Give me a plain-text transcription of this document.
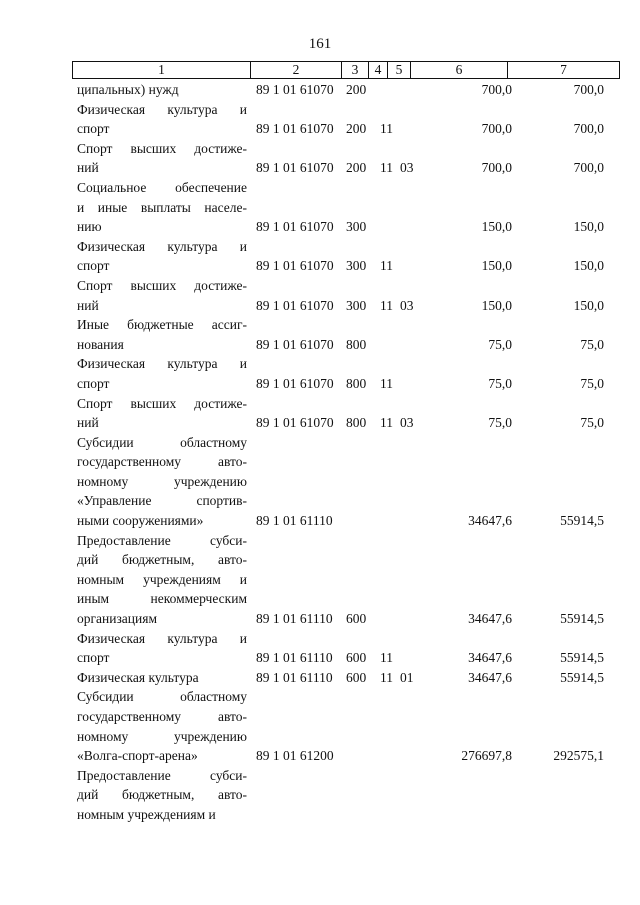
161
1	2	3	4	5	6	7
ципальных) нужд	89 1 01 61070 200	700,0	700,0
Физическая культура и
спорт	89 1 01 61070 200 11	700,0	700,0
Спорт высших достиже-
ний	89 1 01 61070 200 11 03	700,0	700,0
Социальное обеспечение
и иные выплаты населе-
нию	89 1 01 61070 300	150,0	150,0
Физическая культура и
спорт	89 1 01 61070 300 11	150,0	150,0
Спорт высших достиже-
ний	89 1 01 61070 300 11 03	150,0	150,0
Иные бюджетные ассиг-
нования	89 1 01 61070 800	75,0	75,0
Физическая культура и
спорт	89 1 01 61070 800 11	75,0	75,0
Спорт высших достиже-
ний	89 1 01 61070 800 11 03	75,0	75,0
Субсидии областному
государственному авто-
номному учреждению
«Управление спортив-
ными сооружениями»	89 1 01 61110	34647,6	55914,5
Предоставление субси-
дий бюджетным, авто-
номным учреждениям и
иным некоммерческим
организациям	89 1 01 61110 600	34647,6	55914,5
Физическая культура и
спорт	89 1 01 61110 600 11	34647,6	55914,5
Физическая культура	89 1 01 61110 600 11 01	34647,6	55914,5
Субсидии областному
государственному авто-
номному учреждению
«Волга-спорт-арена»	89 1 01 61200	276697,8	292575,1
Предоставление субси-
дий бюджетным, авто-
номным учреждениям и
